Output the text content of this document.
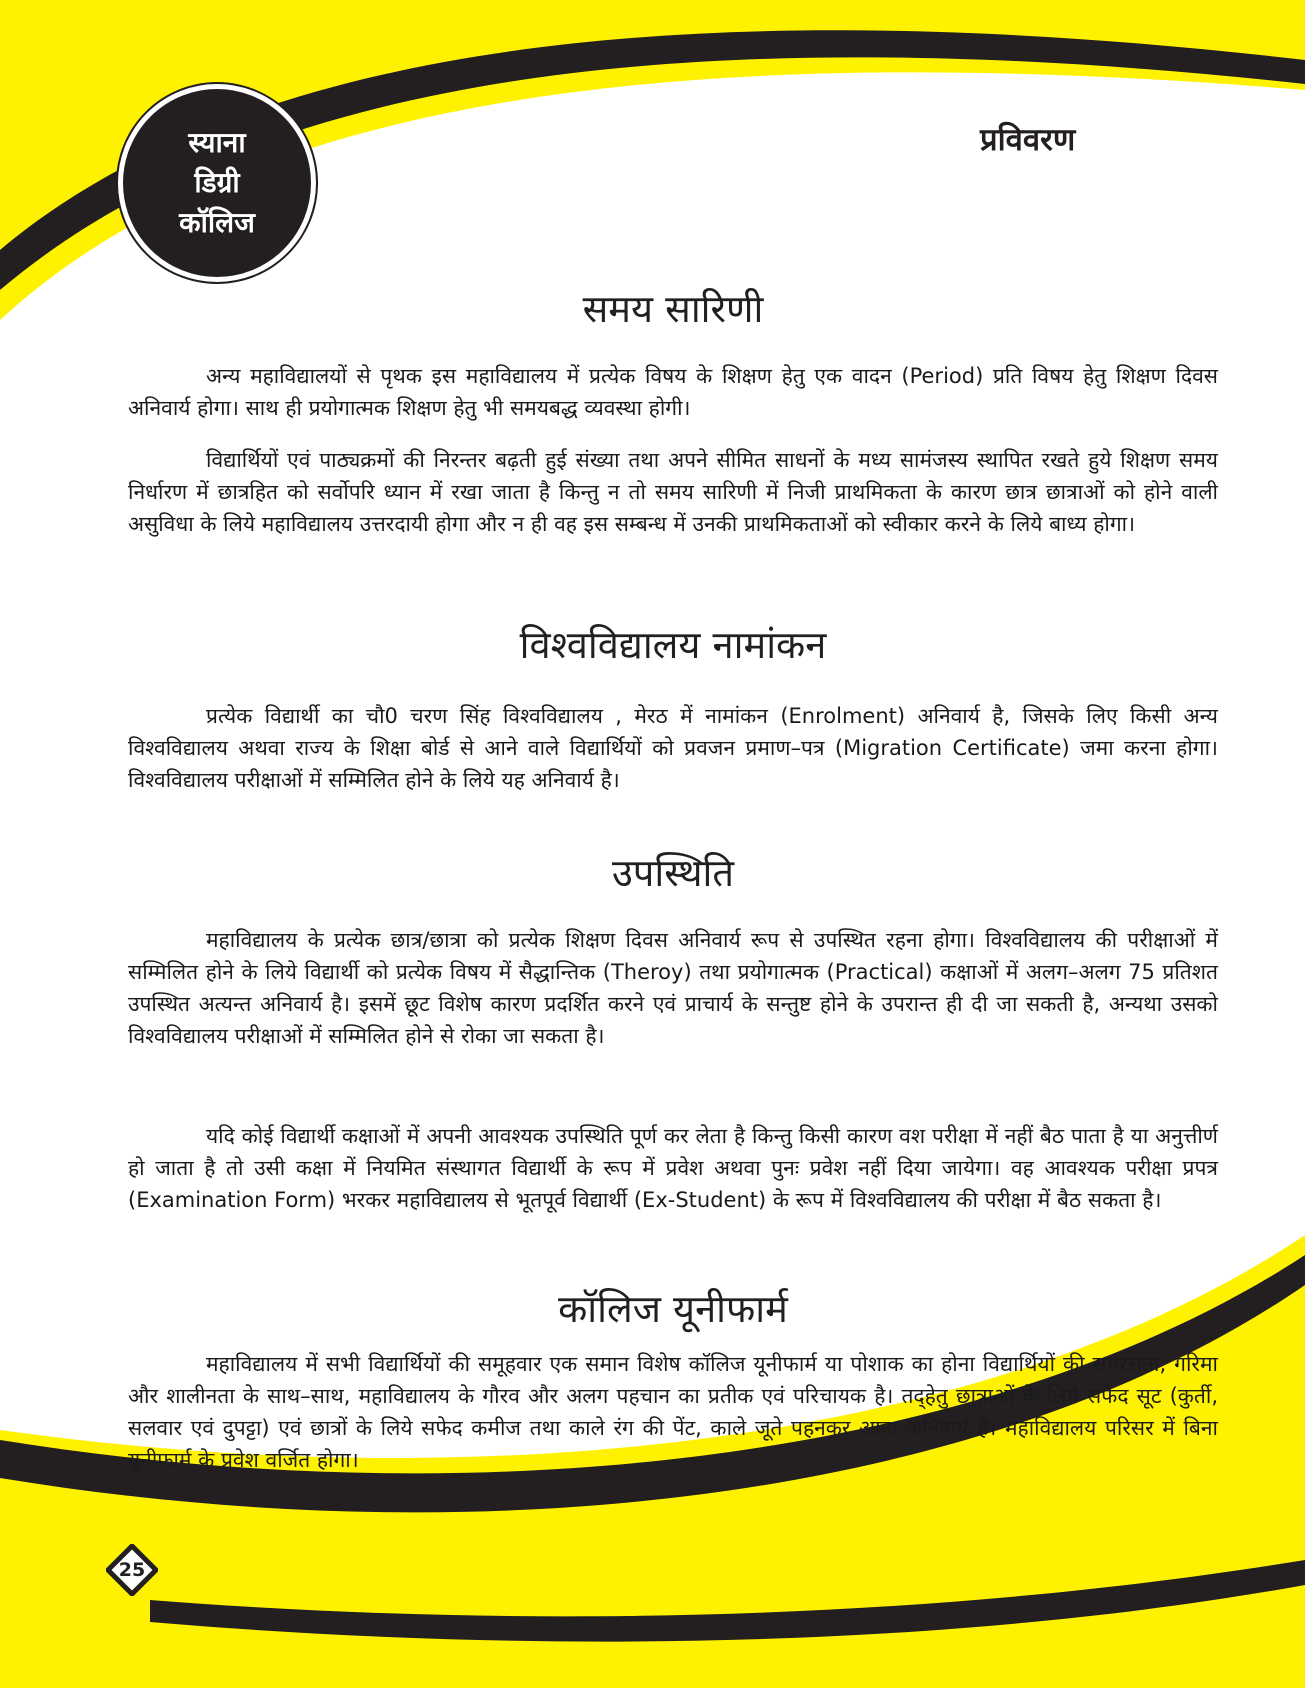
स्याना
डिग्री
कॉलिज
प्रविवरण
समय सारिणी

अन्य महाविद्यालयों से पृथक इस महाविद्यालय में प्रत्येक विषय के शिक्षण हेतु एक वादन (Period) प्रति विषय हेतु शिक्षण दिवस अनिवार्य होगा। साथ ही प्रयोगात्मक शिक्षण हेतु भी समयबद्ध व्यवस्था होगी।

विद्यार्थियों एवं पाठ्यक्रमों की निरन्तर बढ़ती हुई संख्या तथा अपने सीमित साधनों के मध्य सामंजस्य स्थापित रखते हुये शिक्षण समय निर्धारण में छात्रहित को सर्वोपरि ध्यान में रखा जाता है किन्तु न तो समय सारिणी में निजी प्राथमिकता के कारण छात्र छात्राओं को होने वाली असुविधा के लिये महाविद्यालय उत्तरदायी होगा और न ही वह इस सम्बन्ध में उनकी प्राथमिकताओं को स्वीकार करने के लिये बाध्य होगा।

विश्वविद्यालय नामांकन

प्रत्येक विद्यार्थी का चौ0 चरण सिंह विश्वविद्यालय , मेरठ में नामांकन (Enrolment) अनिवार्य है, जिसके लिए किसी अन्य विश्वविद्यालय अथवा राज्य के शिक्षा बोर्ड से आने वाले विद्यार्थियों को प्रवजन प्रमाण–पत्र (Migration Certificate) जमा करना होगा। विश्वविद्यालय परीक्षाओं में सम्मिलित होने के लिये यह अनिवार्य है।

उपस्थिति

महाविद्यालय के प्रत्येक छात्र/छात्रा को प्रत्येक शिक्षण दिवस अनिवार्य रूप से उपस्थित रहना होगा। विश्वविद्यालय की परीक्षाओं में सम्मिलित होने के लिये विद्यार्थी को प्रत्येक विषय में सैद्धान्तिक (Theroy) तथा प्रयोगात्मक (Practical) कक्षाओं में अलग–अलग 75 प्रतिशत उपस्थित अत्यन्त अनिवार्य है। इसमें छूट विशेष कारण प्रदर्शित करने एवं प्राचार्य के सन्तुष्ट होने के उपरान्त ही दी जा सकती है, अन्यथा उसको विश्वविद्यालय परीक्षाओं में सम्मिलित होने से रोका जा सकता है।

यदि कोई विद्यार्थी कक्षाओं में अपनी आवश्यक उपस्थिति पूर्ण कर लेता है किन्तु किसी कारण वश परीक्षा में नहीं बैठ पाता है या अनुत्तीर्ण हो जाता है तो उसी कक्षा में नियमित संस्थागत विद्यार्थी के रूप में प्रवेश अथवा पुनः प्रवेश नहीं दिया जायेगा। वह आवश्यक परीक्षा प्रपत्र (Examination Form) भरकर महाविद्यालय से भूतपूर्व विद्यार्थी (Ex-Student) के रूप में विश्वविद्यालय की परीक्षा में बैठ सकता है।

कॉलिज यूनीफार्म

महाविद्यालय में सभी विद्यार्थियों की समूहवार एक समान विशेष कॉलिज यूनीफार्म या पोशाक का होना विद्यार्थियों की समरसता, गरिमा और शालीनता के साथ–साथ, महाविद्यालय के गौरव और अलग पहचान का प्रतीक एवं परिचायक है। तद्हेतु छात्राओं के लिये सफेद सूट (कुर्ती, सलवार एवं दुपट्टा) एवं छात्रों के लिये सफेद कमीज तथा काले रंग की पेंट, काले जूते पहनकर आना अनिवार्य है। महाविद्यालय परिसर में बिना यूनीफार्म के प्रवेश वर्जित होगा।

25
